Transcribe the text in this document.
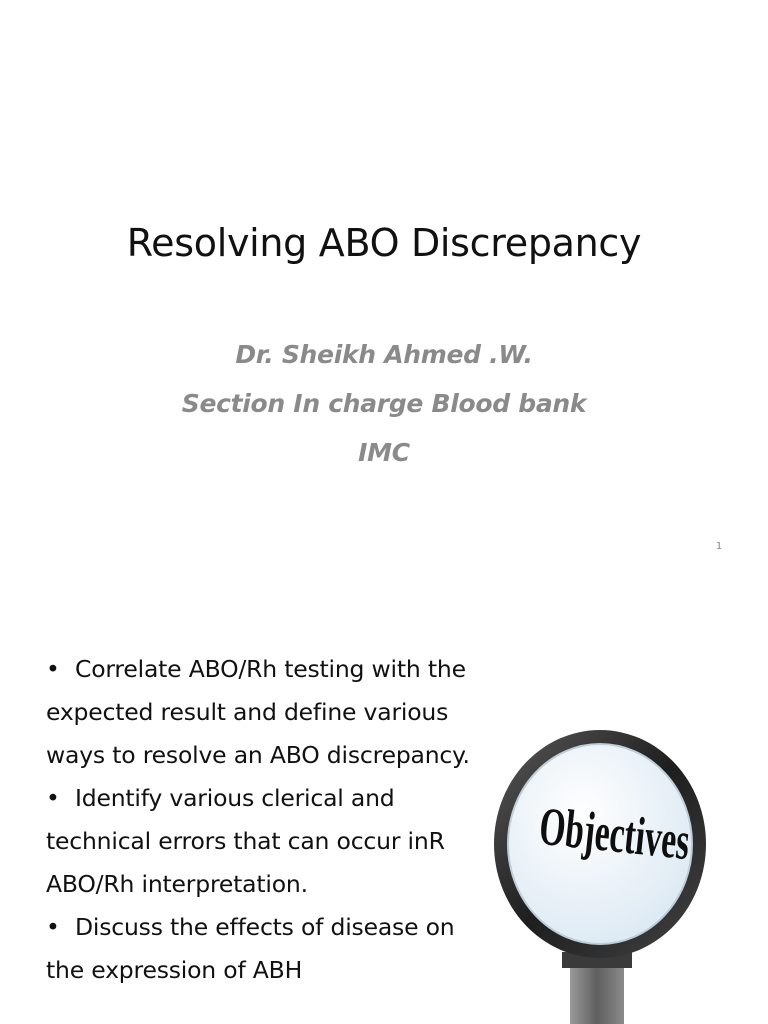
Resolving ABO Discrepancy
Dr. Sheikh Ahmed .W.
Section In charge Blood bank
IMC
1

• Correlate ABO/Rh testing with the expected result and define various ways to resolve an ABO discrepancy.

• Identify various clerical and technical errors that can occur inR ABO/Rh interpretation.

• Discuss the effects of disease on the expression of ABH

Objectives
